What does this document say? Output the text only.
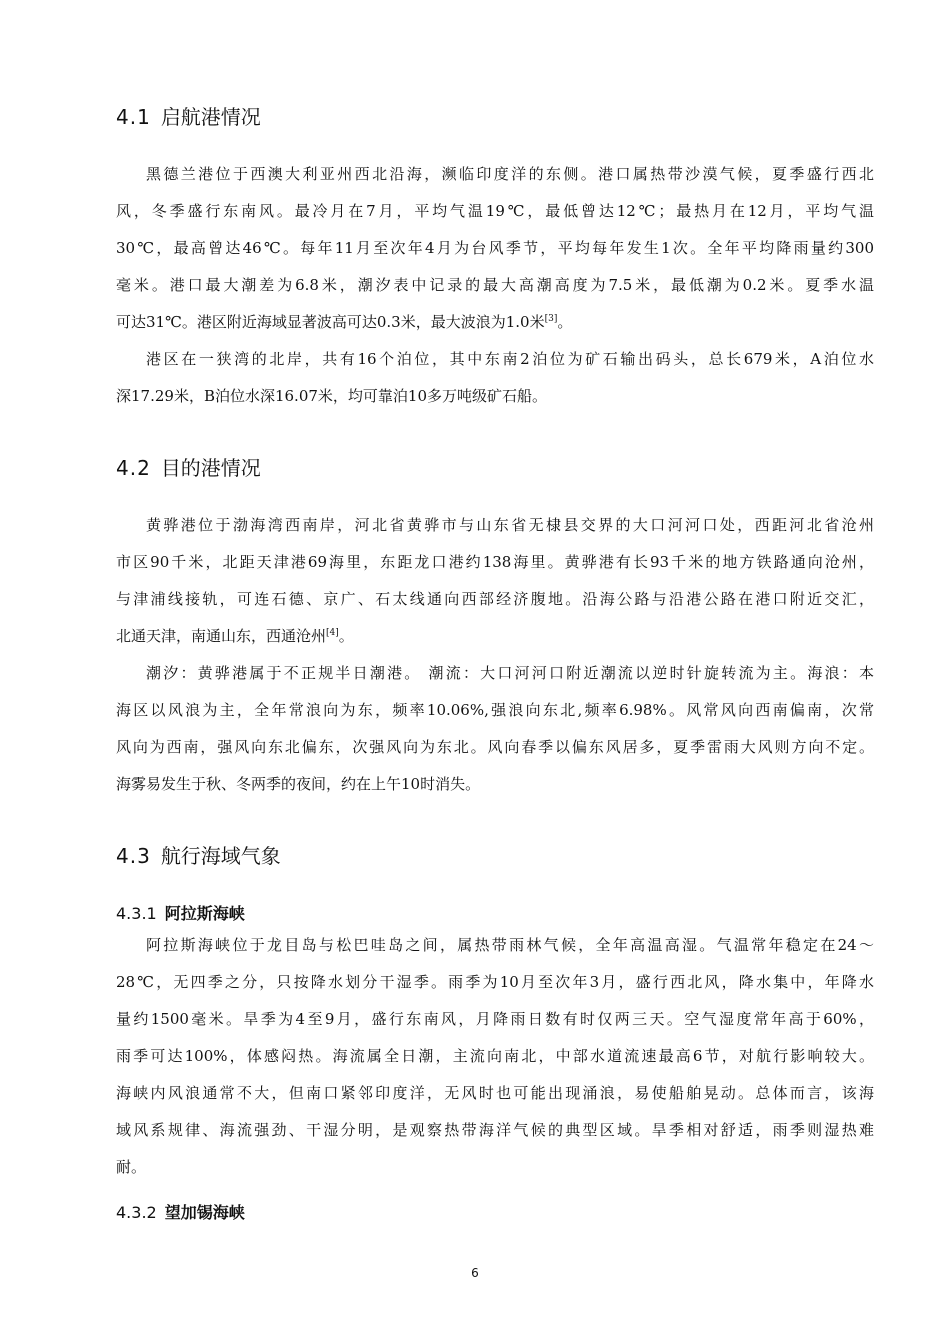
4.1 启航港情况
黑德兰港位于西澳大利亚州西北沿海，濒临印度洋的东侧。港口属热带沙漠气候，夏季盛行西北
风，冬季盛行东南风。最冷月在7月，平均气温19℃，最低曾达12℃；最热月在12月，平均气温
30℃，最高曾达46℃。每年11月至次年4月为台风季节，平均每年发生1次。全年平均降雨量约300
毫米。港口最大潮差为6.8米，潮汐表中记录的最大高潮高度为7.5米，最低潮为0.2米。夏季水温
可达31℃。港区附近海域显著波高可达0.3米，最大波浪为1.0米[3]。
港区在一狭湾的北岸，共有16个泊位，其中东南2泊位为矿石输出码头，总长679米，A泊位水
深17.29米，B泊位水深16.07米，均可靠泊10多万吨级矿石船。
4.2 目的港情况
黄骅港位于渤海湾西南岸，河北省黄骅市与山东省无棣县交界的大口河河口处，西距河北省沧州
市区90千米，北距天津港69海里，东距龙口港约138海里。黄骅港有长93千米的地方铁路通向沧州，
与津浦线接轨，可连石德、京广、石太线通向西部经济腹地。沿海公路与沿港公路在港口附近交汇，
北通天津，南通山东，西通沧州[4]。
潮汐：黄骅港属于不正规半日潮港。 潮流：大口河河口附近潮流以逆时针旋转流为主。海浪：本
海区以风浪为主，全年常浪向为东，频率10.06%,强浪向东北,频率6.98%。风常风向西南偏南，次常
风向为西南，强风向东北偏东，次强风向为东北。风向春季以偏东风居多，夏季雷雨大风则方向不定。
海雾易发生于秋、冬两季的夜间，约在上午10时消失。
4.3 航行海域气象
4.3.1 阿拉斯海峡
阿拉斯海峡位于龙目岛与松巴哇岛之间，属热带雨林气候，全年高温高湿。气温常年稳定在24～
28℃，无四季之分，只按降水划分干湿季。雨季为10月至次年3月，盛行西北风，降水集中，年降水
量约1500毫米。旱季为4至9月，盛行东南风，月降雨日数有时仅两三天。空气湿度常年高于60%，
雨季可达100%，体感闷热。海流属全日潮，主流向南北，中部水道流速最高6节，对航行影响较大。
海峡内风浪通常不大，但南口紧邻印度洋，无风时也可能出现涌浪，易使船舶晃动。总体而言，该海
域风系规律、海流强劲、干湿分明，是观察热带海洋气候的典型区域。旱季相对舒适，雨季则湿热难
耐。
4.3.2 望加锡海峡
6
